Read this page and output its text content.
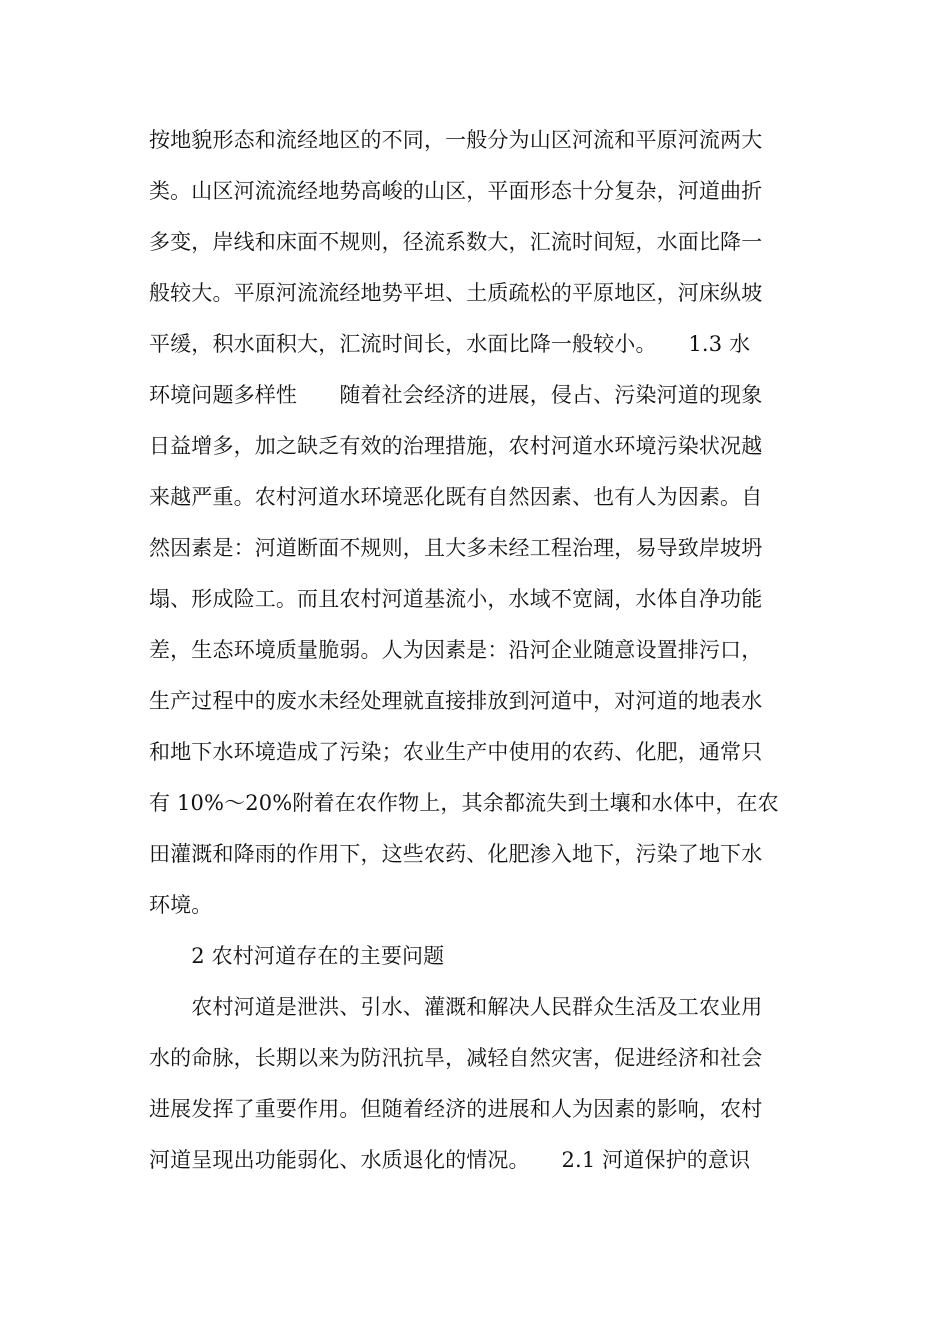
按地貌形态和流经地区的不同，一般分为山区河流和平原河流两大
类。山区河流流经地势高峻的山区，平面形态十分复杂，河道曲折
多变，岸线和床面不规则，径流系数大，汇流时间短，水面比降一
般较大。平原河流流经地势平坦、土质疏松的平原地区，河床纵坡
平缓，积水面积大，汇流时间长，水面比降一般较小。　　1.3 水
环境问题多样性　　随着社会经济的进展，侵占、污染河道的现象
日益增多，加之缺乏有效的治理措施，农村河道水环境污染状况越
来越严重。农村河道水环境恶化既有自然因素、也有人为因素。自
然因素是：河道断面不规则，且大多未经工程治理，易导致岸坡坍
塌、形成险工。而且农村河道基流小，水域不宽阔，水体自净功能
差，生态环境质量脆弱。人为因素是：沿河企业随意设置排污口，
生产过程中的废水未经处理就直接排放到河道中，对河道的地表水
和地下水环境造成了污染；农业生产中使用的农药、化肥，通常只
有 10%～20%附着在农作物上，其余都流失到土壤和水体中，在农
田灌溉和降雨的作用下，这些农药、化肥渗入地下，污染了地下水
环境。
　　2 农村河道存在的主要问题
　　农村河道是泄洪、引水、灌溉和解决人民群众生活及工农业用
水的命脉，长期以来为防汛抗旱，减轻自然灾害，促进经济和社会
进展发挥了重要作用。但随着经济的进展和人为因素的影响，农村
河道呈现出功能弱化、水质退化的情况。　　2.1 河道保护的意识
